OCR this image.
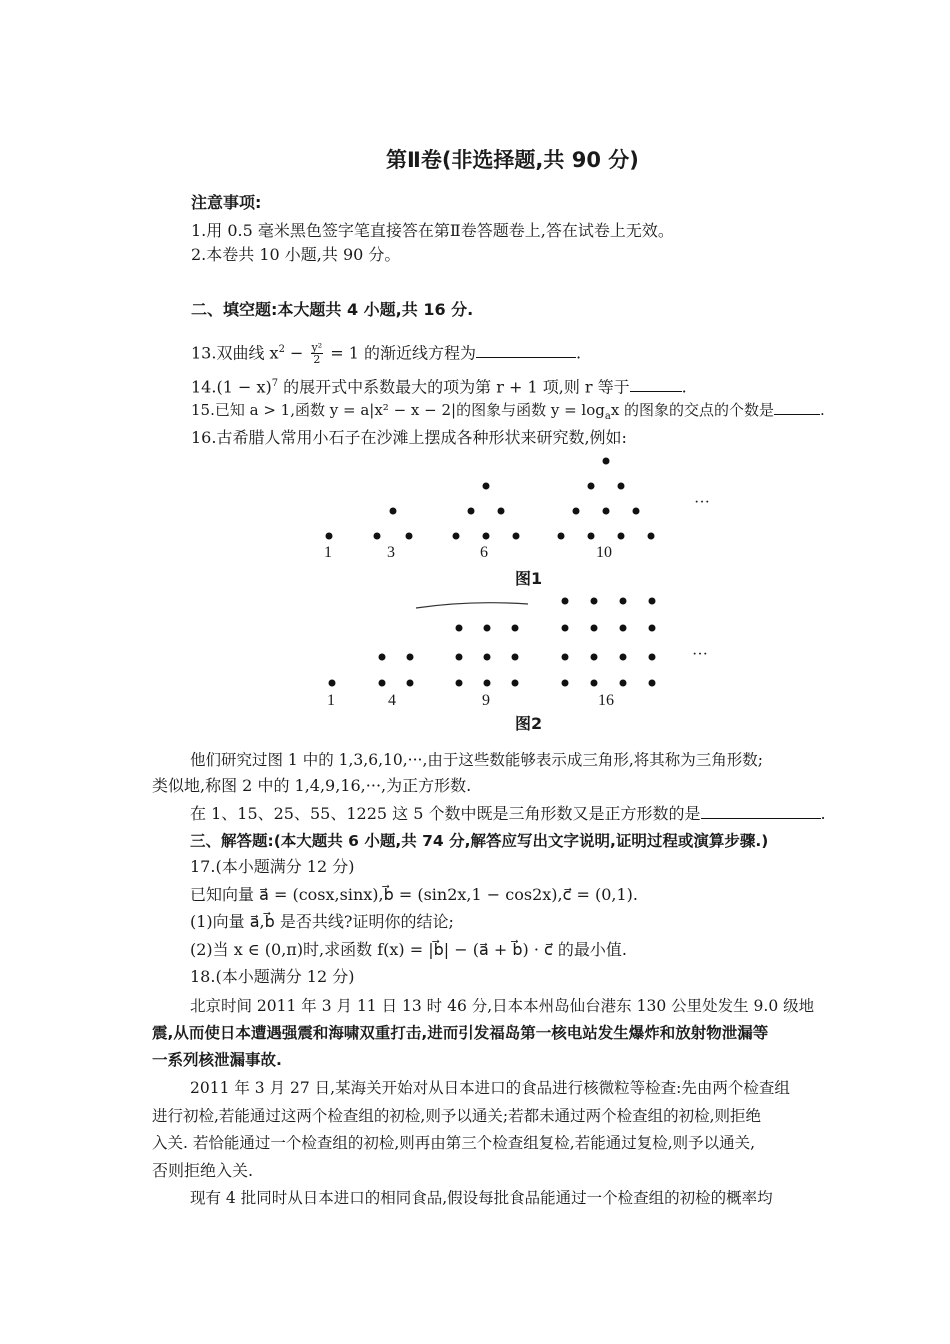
第Ⅱ卷(非选择题,共 90 分)
注意事项:
1.用 0.5 毫米黑色签字笔直接答在第Ⅱ卷答题卷上,答在试卷上无效。
2.本卷共 10 小题,共 90 分。
二、填空题:本大题共 4 小题,共 16 分.
13.双曲线 $x^2 - \frac{\text{y²}}{2} = 1$ 的渐近线方程为	.
$14.(1 - x)^7$ 的展开式中系数最大的项为第 r + 1 项,则 r 等于	.
15.已知 a > 1,函数 y = a|x² − x − 2|的图象与函数 $y = \log_ax$ 的图象的交点的个数是	.
16.古希腊人常用小石子在沙滩上摆成各种形状来研究数,例如:
1	3	6	10
···
图1
1	4	9	16
···
图2
他们研究过图 1 中的 1,3,6,10,···,由于这些数能够表示成三角形,将其称为三角形数;
类似地,称图 2 中的 1,4,9,16,···,为正方形数.
在 1、15、25、55、1225 这 5 个数中既是三角形数又是正方形数的是	.
三、解答题:(本大题共 6 小题,共 74 分,解答应写出文字说明,证明过程或演算步骤.)
17.(本小题满分 12 分)
已知向量 a⃗ = (cosx,sinx),b⃗ = (sin2x,1 − cos2x),c⃗ = (0,1).
(1)向量 a⃗,b⃗ 是否共线?证明你的结论;
(2)当 x ∈ (0,π)时,求函数 f(x) = |b⃗| − (a⃗ + b⃗) · c⃗ 的最小值.
18.(本小题满分 12 分)
北京时间 2011 年 3 月 11 日 13 时 46 分,日本本州岛仙台港东 130 公里处发生 9.0 级地
震,从而使日本遭遇强震和海啸双重打击,进而引发福岛第一核电站发生爆炸和放射物泄漏等
一系列核泄漏事故.
2011 年 3 月 27 日,某海关开始对从日本进口的食品进行核微粒等检查:先由两个检查组
进行初检,若能通过这两个检查组的初检,则予以通关;若都未通过两个检查组的初检,则拒绝
入关. 若恰能通过一个检查组的初检,则再由第三个检查组复检,若能通过复检,则予以通关,
否则拒绝入关.
现有 4 批同时从日本进口的相同食品,假设每批食品能通过一个检查组的初检的概率均
